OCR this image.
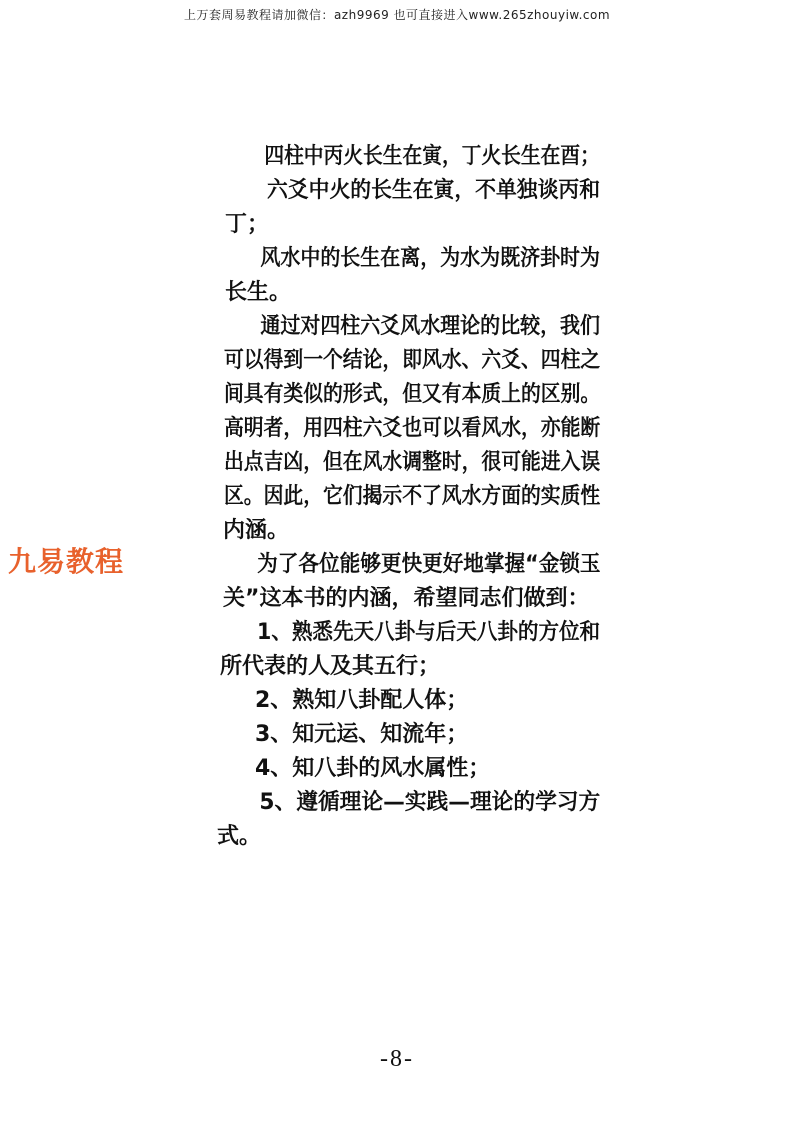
上万套周易教程请加微信：azh9969 也可直接进入www.265zhouyiw.com
九易教程
四柱中丙火长生在寅，丁火长生在酉；
六爻中火的长生在寅，不单独谈丙和
丁；
风水中的长生在离，为水为既济卦时为
长生。
通过对四柱六爻风水理论的比较，我们
可以得到一个结论，即风水、六爻、四柱之
间具有类似的形式，但又有本质上的区别。
高明者，用四柱六爻也可以看风水，亦能断
出点吉凶，但在风水调整时，很可能进入误
区。因此，它们揭示不了风水方面的实质性
内涵。
为了各位能够更快更好地掌握“金锁玉
关”这本书的内涵，希望同志们做到：
1、熟悉先天八卦与后天八卦的方位和
所代表的人及其五行；
2、熟知八卦配人体；
3、知元运、知流年；
4、知八卦的风水属性；
5、遵循理论—实践—理论的学习方
式。
-8-
